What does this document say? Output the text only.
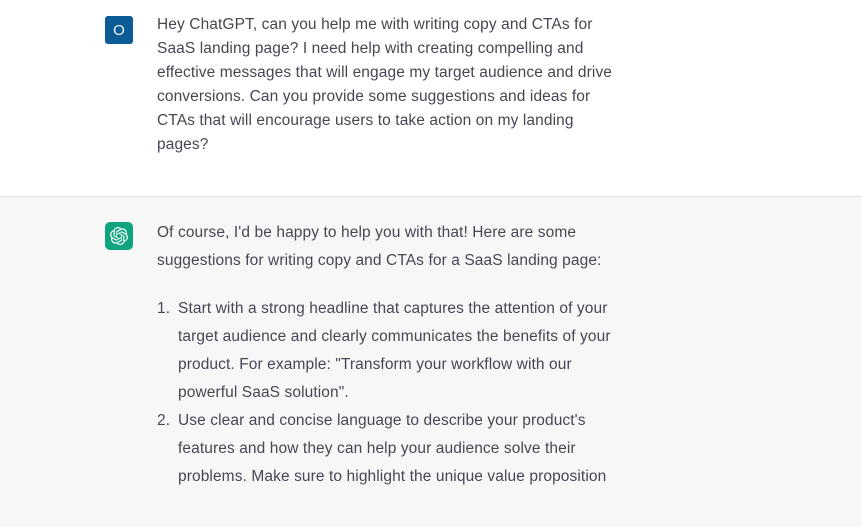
O Hey ChatGPT, can you help me with writing copy and CTAs for SaaS landing page? I need help with creating compelling and effective messages that will engage my target audience and drive conversions. Can you provide some suggestions and ideas for CTAs that will encourage users to take action on my landing pages?

Of course, I'd be happy to help you with that! Here are some suggestions for writing copy and CTAs for a SaaS landing page:

1. Start with a strong headline that captures the attention of your target audience and clearly communicates the benefits of your product. For example: "Transform your workflow with our powerful SaaS solution".
2. Use clear and concise language to describe your product's features and how they can help your audience solve their problems. Make sure to highlight the unique value proposition
